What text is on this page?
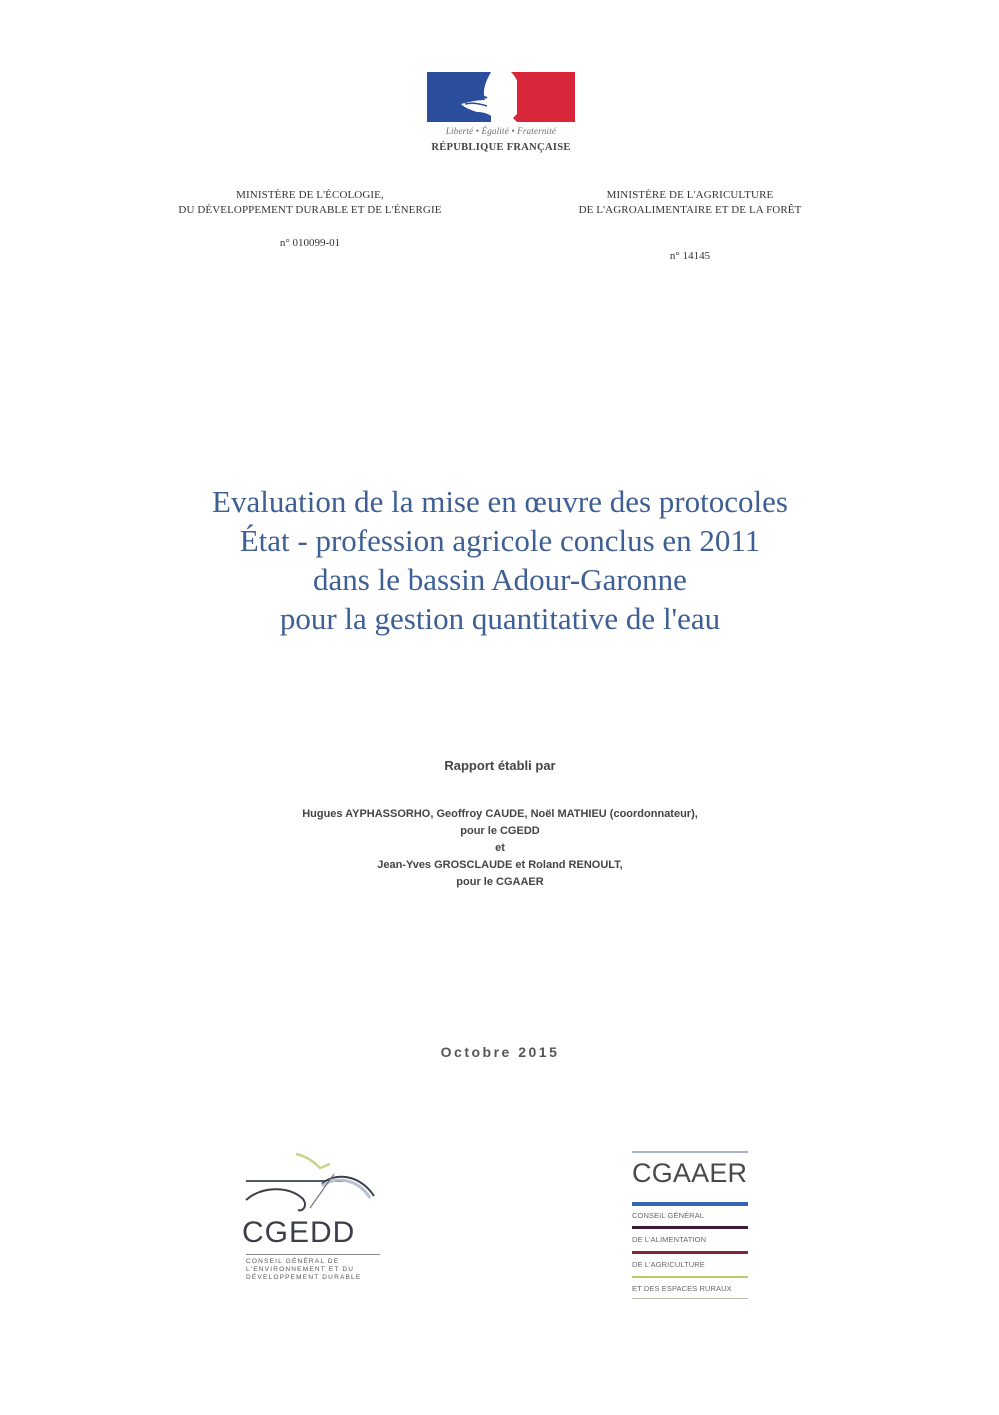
Liberté • Égalité • Fraternité
RÉPUBLIQUE FRANÇAISE
MINISTÈRE DE L'ÉCOLOGIE,
DU DÉVELOPPEMENT DURABLE ET DE L'ÉNERGIE
n° 010099-01
MINISTÈRE DE L'AGRICULTURE
DE L'AGROALIMENTAIRE ET DE LA FORÊT
n° 14145
Evaluation de la mise en œuvre des protocoles
État - profession agricole conclus en 2011
dans le bassin Adour-Garonne
pour la gestion quantitative de l'eau
Rapport établi par
Hugues AYPHASSORHO, Geoffroy CAUDE, Noël MATHIEU (coordonnateur),
pour le CGEDD
et
Jean-Yves GROSCLAUDE et Roland RENOULT,
pour le CGAAER
Octobre 2015
CGEDD
CONSEIL GÉNÉRAL DE
L'ENVIRONNEMENT ET DU
DÉVELOPPEMENT DURABLE
CGAAER
CONSEIL GÉNÉRAL
DE L'ALIMENTATION
DE L'AGRICULTURE
ET DES ESPACES RURAUX
